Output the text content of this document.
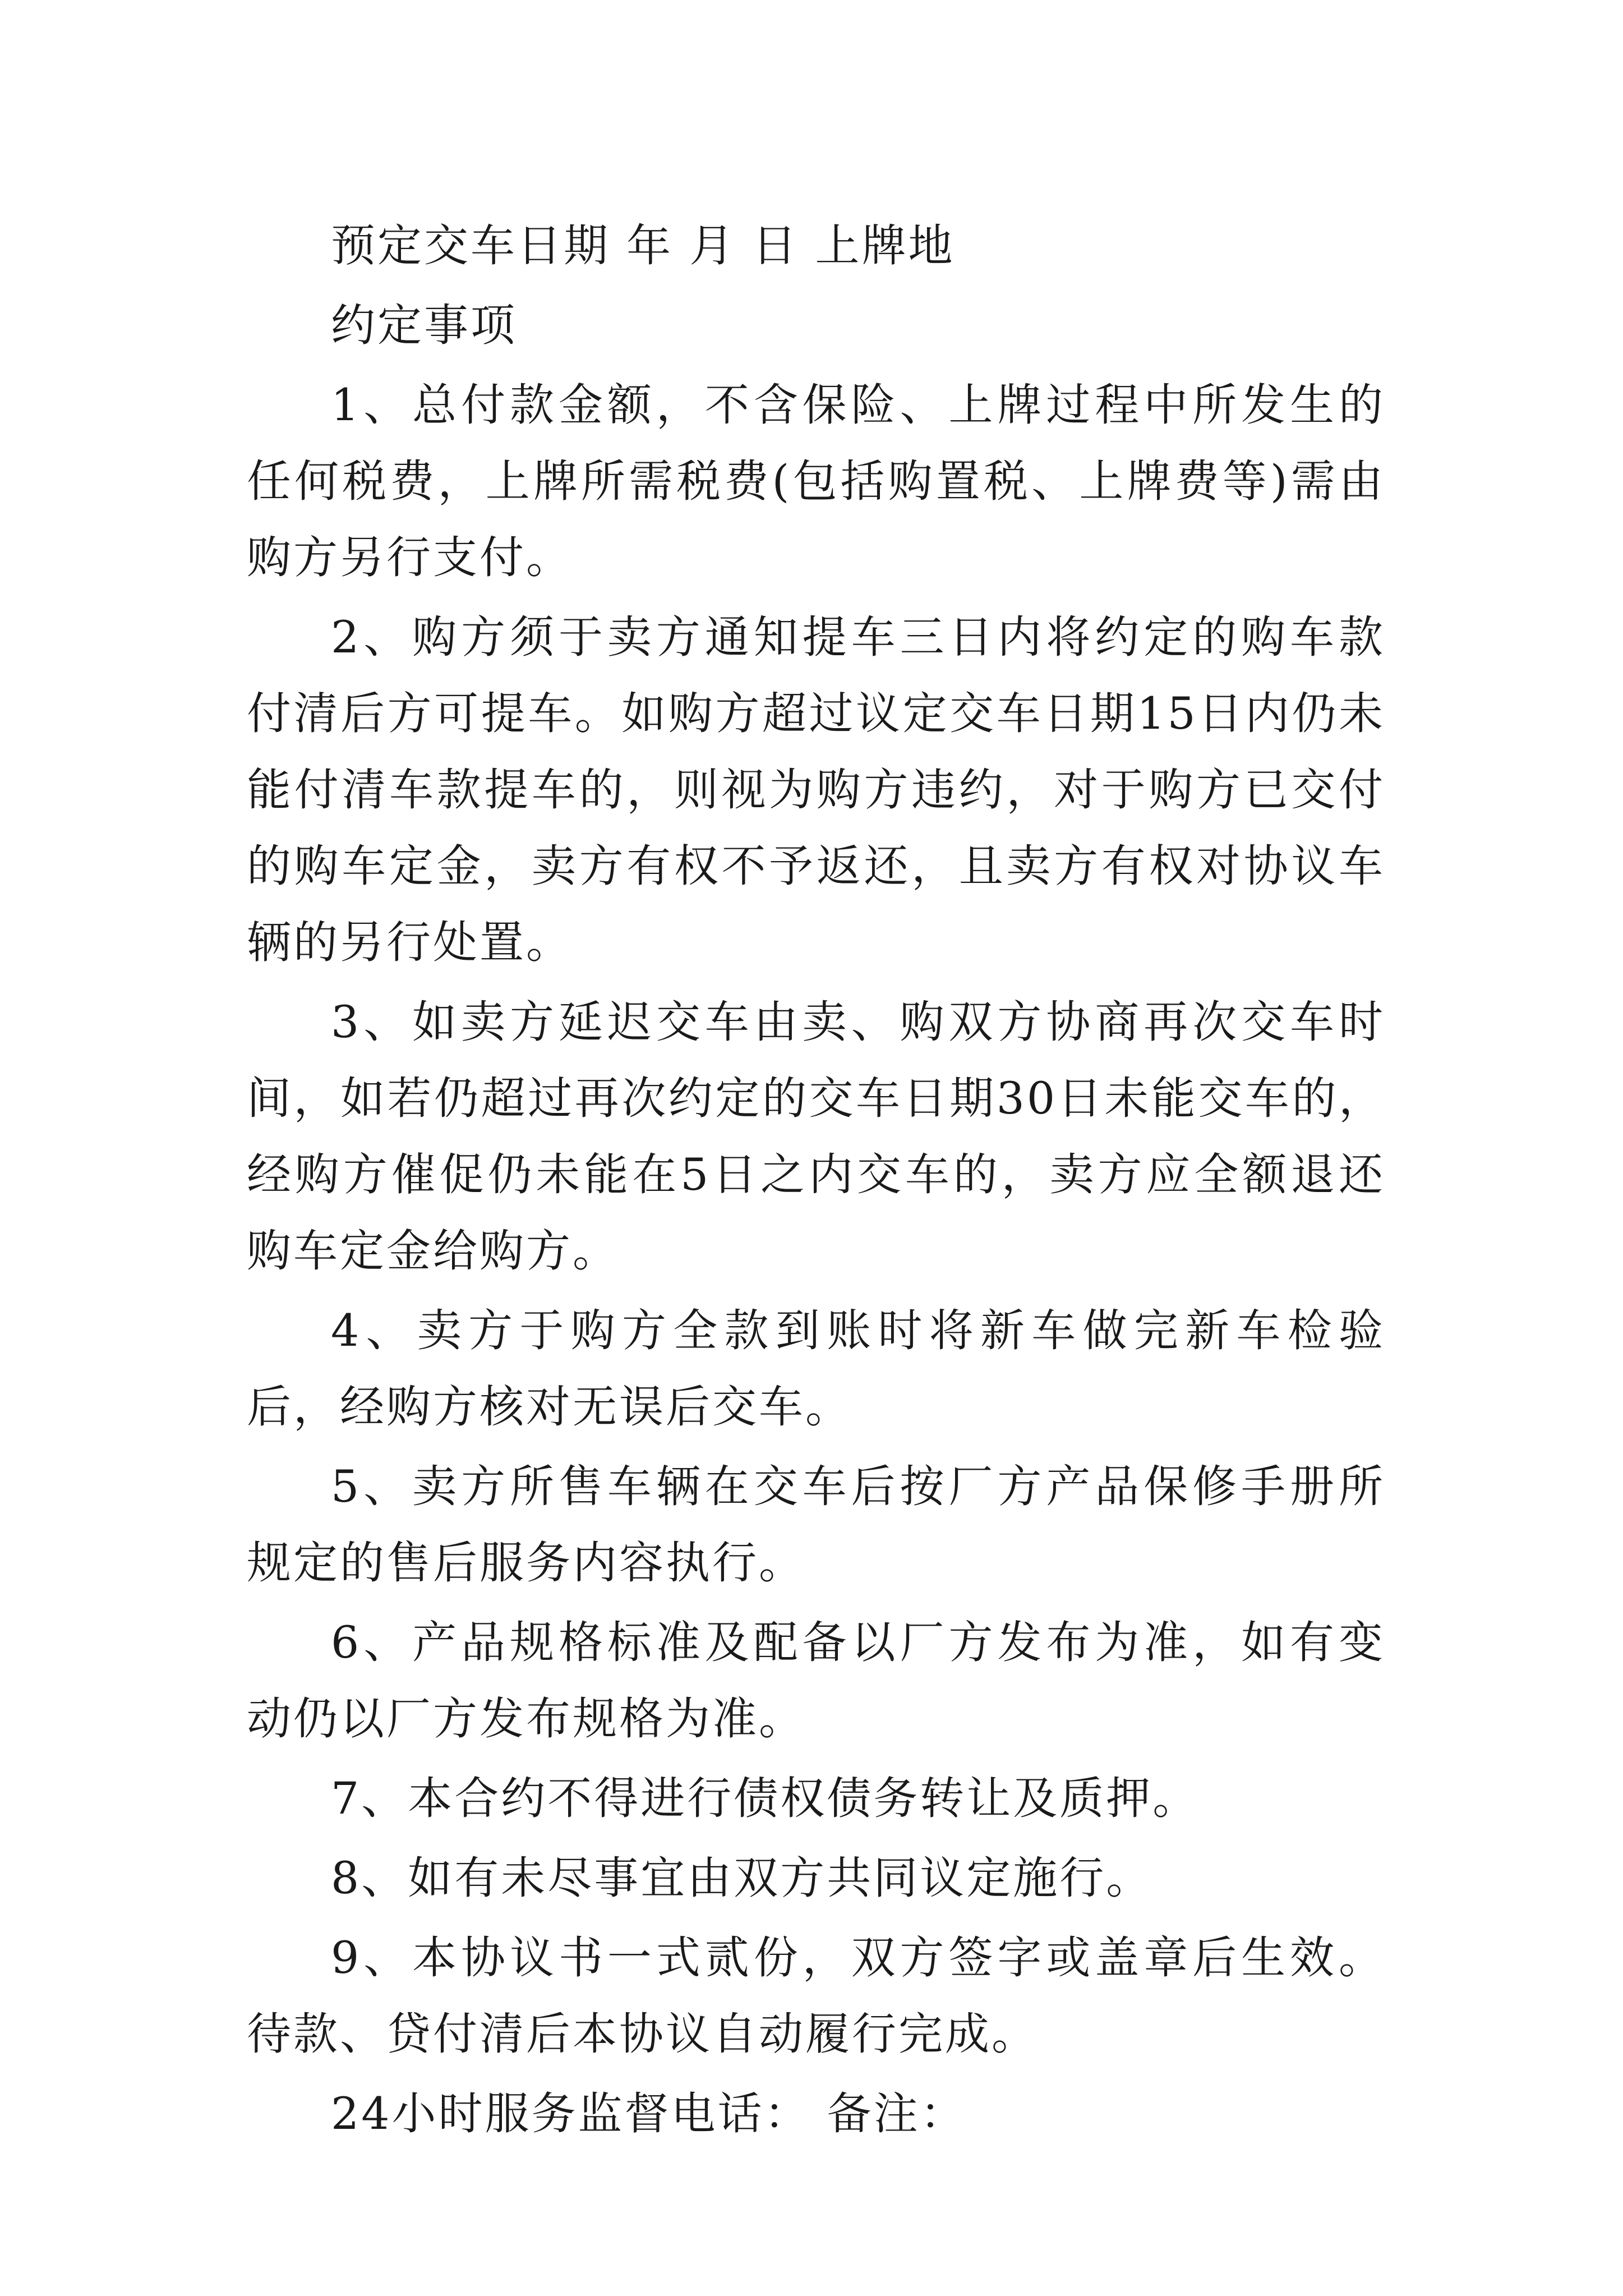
预定交车日期 年 月 日 上牌地

约定事项

1、总付款金额，不含保险、上牌过程中所发生的任何税费，上牌所需税费(包括购置税、上牌费等)需由购方另行支付。

2、购方须于卖方通知提车三日内将约定的购车款付清后方可提车。如购方超过议定交车日期15日内仍未能付清车款提车的，则视为购方违约，对于购方已交付的购车定金，卖方有权不予返还，且卖方有权对协议车辆的另行处置。

3、如卖方延迟交车由卖、购双方协商再次交车时间，如若仍超过再次约定的交车日期30日未能交车的，经购方催促仍未能在5日之内交车的，卖方应全额退还购车定金给购方。

4、卖方于购方全款到账时将新车做完新车检验后，经购方核对无误后交车。

5、卖方所售车辆在交车后按厂方产品保修手册所规定的售后服务内容执行。

6、产品规格标准及配备以厂方发布为准，如有变动仍以厂方发布规格为准。

7、本合约不得进行债权债务转让及质押。

8、如有未尽事宜由双方共同议定施行。

9、本协议书一式贰份，双方签字或盖章后生效。待款、贷付清后本协议自动履行完成。

24小时服务监督电话： 备注：
